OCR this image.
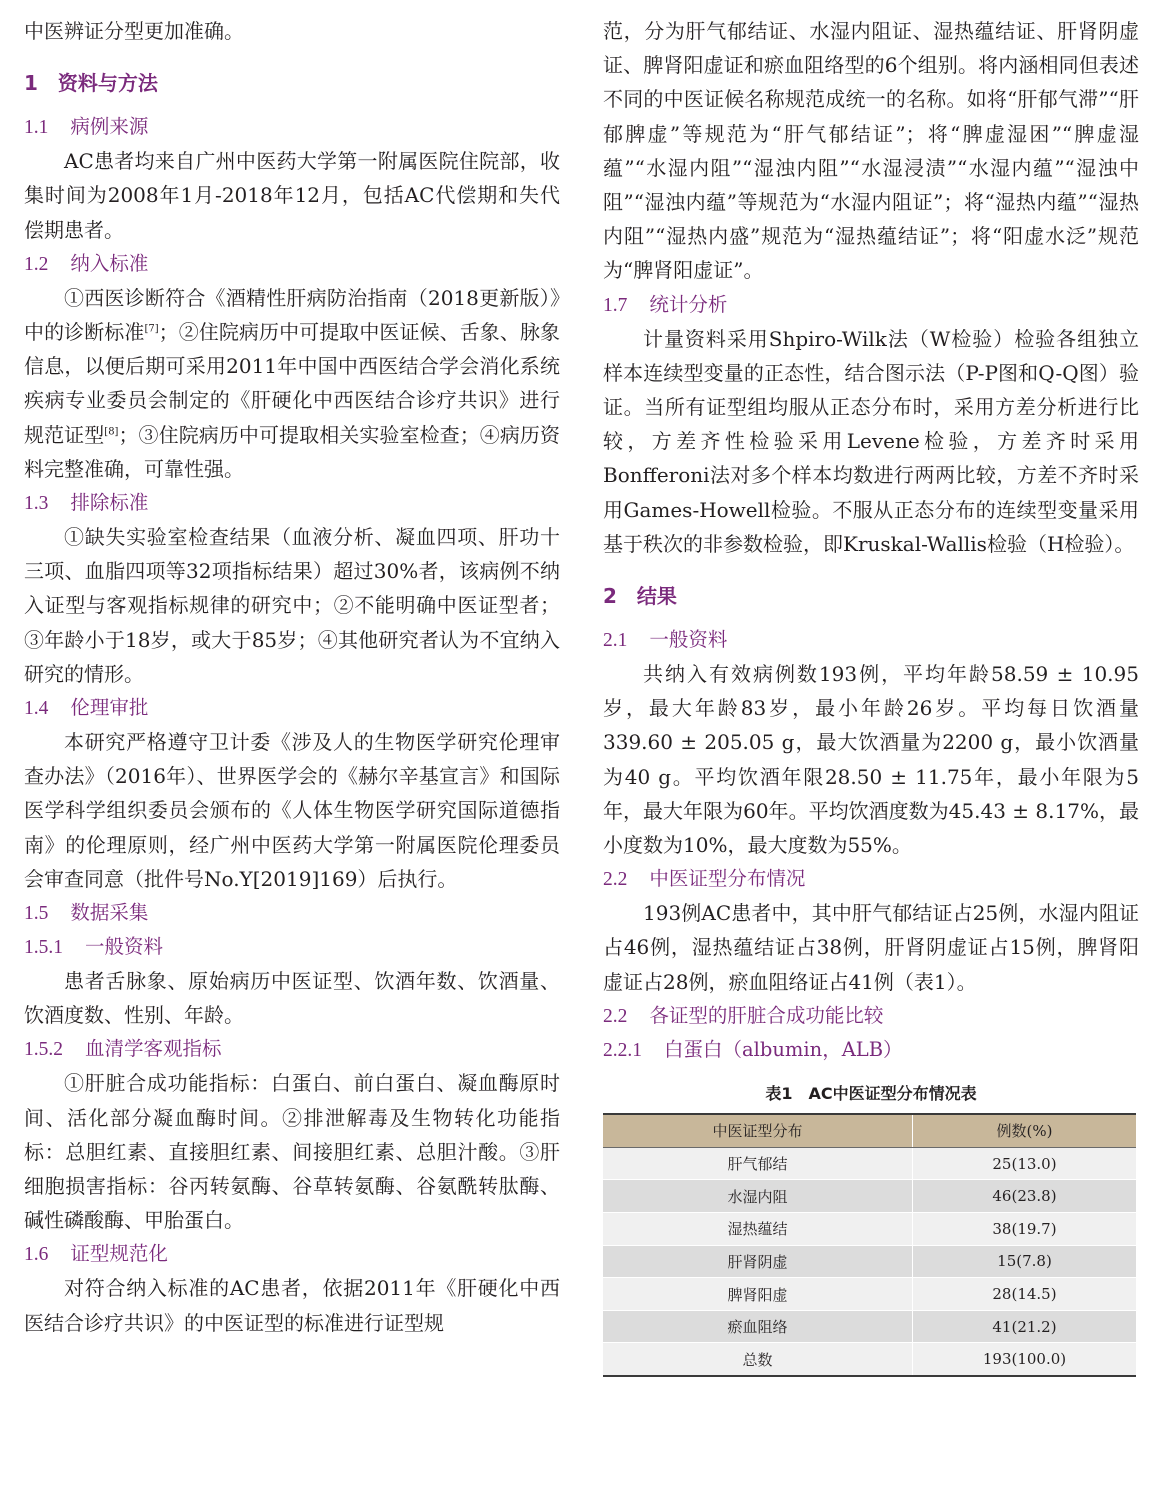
中医辨证分型更加准确。

1　资料与方法
1.1 病例来源

AC患者均来自广州中医药大学第一附属医院住院部，收集时间为2008年1月-2018年12月，包括AC代偿期和失代偿期患者。

1.2 纳入标准

①西医诊断符合《酒精性肝病防治指南（2018更新版）》中的诊断标准[7]；②住院病历中可提取中医证候、舌象、脉象信息，以便后期可采用2011年中国中西医结合学会消化系统疾病专业委员会制定的《肝硬化中西医结合诊疗共识》进行规范证型[8]；③住院病历中可提取相关实验室检查；④病历资料完整准确，可靠性强。

1.3 排除标准

①缺失实验室检查结果（血液分析、凝血四项、肝功十三项、血脂四项等32项指标结果）超过30%者，该病例不纳入证型与客观指标规律的研究中；②不能明确中医证型者；③年龄小于18岁，或大于85岁；④其他研究者认为不宜纳入研究的情形。

1.4 伦理审批

本研究严格遵守卫计委《涉及人的生物医学研究伦理审查办法》（2016年）、世界医学会的《赫尔辛基宣言》和国际医学科学组织委员会颁布的《人体生物医学研究国际道德指南》的伦理原则，经广州中医药大学第一附属医院伦理委员会审查同意（批件号No.Y[2019]169）后执行。

1.5 数据采集
1.5.1 一般资料

患者舌脉象、原始病历中医证型、饮酒年数、饮酒量、饮酒度数、性别、年龄。

1.5.2 血清学客观指标

①肝脏合成功能指标：白蛋白、前白蛋白、凝血酶原时间、活化部分凝血酶时间。②排泄解毒及生物转化功能指标：总胆红素、直接胆红素、间接胆红素、总胆汁酸。③肝细胞损害指标：谷丙转氨酶、谷草转氨酶、谷氨酰转肽酶、碱性磷酸酶、甲胎蛋白。

1.6 证型规范化

对符合纳入标准的AC患者，依据2011年《肝硬化中西医结合诊疗共识》的中医证型的标准进行证型规

范，分为肝气郁结证、水湿内阻证、湿热蕴结证、肝肾阴虚证、脾肾阳虚证和瘀血阻络型的6个组别。将内涵相同但表述不同的中医证候名称规范成统一的名称。如将“肝郁气滞”“肝郁脾虚”等规范为“肝气郁结证”；将“脾虚湿困”“脾虚湿蕴”“水湿内阻”“湿浊内阻”“水湿浸渍”“水湿内蕴”“湿浊中阻”“湿浊内蕴”等规范为“水湿内阻证”；将“湿热内蕴”“湿热内阻”“湿热内盛”规范为“湿热蕴结证”；将“阳虚水泛”规范为“脾肾阳虚证”。

1.7 统计分析

计量资料采用Shpiro-Wilk法（W检验）检验各组独立样本连续型变量的正态性，结合图示法（P-P图和Q-Q图）验证。当所有证型组均服从正态分布时，采用方差分析进行比较，方差齐性检验采用Levene检验，方差齐时采用Bonfferoni法对多个样本均数进行两两比较，方差不齐时采用Games-Howell检验。不服从正态分布的连续型变量采用基于秩次的非参数检验，即Kruskal-Wallis检验（H检验）。

2　结果
2.1 一般资料

共纳入有效病例数193例，平均年龄58.59 ± 10.95岁，最大年龄83岁，最小年龄26岁。平均每日饮酒量339.60 ± 205.05 g，最大饮酒量为2200 g，最小饮酒量为40 g。平均饮酒年限28.50 ± 11.75年，最小年限为5年，最大年限为60年。平均饮酒度数为45.43 ± 8.17%，最小度数为10%，最大度数为55%。

2.2 中医证型分布情况

193例AC患者中，其中肝气郁结证占25例，水湿内阻证占46例，湿热蕴结证占38例，肝肾阴虚证占15例，脾肾阳虚证占28例，瘀血阻络证占41例（表1）。

2.2 各证型的肝脏合成功能比较
2.2.1 白蛋白（albumin，ALB）

表1　AC中医证型分布情况表

中医证型分布	例数(%)
肝气郁结	25(13.0)
水湿内阻	46(23.8)
湿热蕴结	38(19.7)
肝肾阴虚	15(7.8)
脾肾阳虚	28(14.5)
瘀血阻络	41(21.2)
总数	193(100.0)
